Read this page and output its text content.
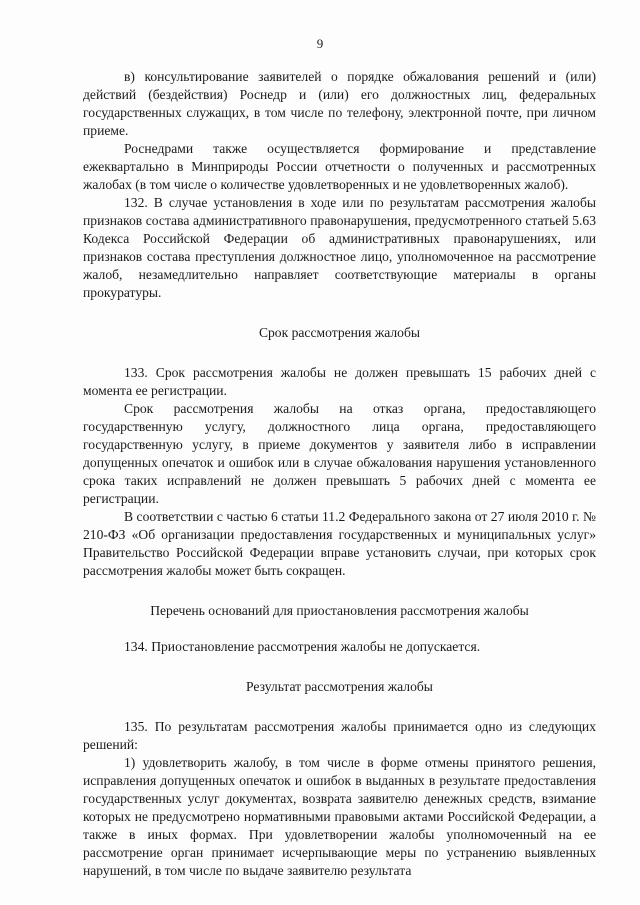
9

в) консультирование заявителей о порядке обжалования решений и (или) действий (бездействия) Роснедр и (или) его должностных лиц, федеральных государственных служащих, в том числе по телефону, электронной почте, при личном приеме.

Роснедрами также осуществляется формирование и представление ежеквартально в Минприроды России отчетности о полученных и рассмотренных жалобах (в том числе о количестве удовлетворенных и не удовлетворенных жалоб).

132. В случае установления в ходе или по результатам рассмотрения жалобы признаков состава административного правонарушения, предусмотренного статьей 5.63 Кодекса Российской Федерации об административных правонарушениях, или признаков состава преступления должностное лицо, уполномоченное на рассмотрение жалоб, незамедлительно направляет соответствующие материалы в органы прокуратуры.

Срок рассмотрения жалобы

133. Срок рассмотрения жалобы не должен превышать 15 рабочих дней с момента ее регистрации.

Срок рассмотрения жалобы на отказ органа, предоставляющего государственную услугу, должностного лица органа, предоставляющего государственную услугу, в приеме документов у заявителя либо в исправлении допущенных опечаток и ошибок или в случае обжалования нарушения установленного срока таких исправлений не должен превышать 5 рабочих дней с момента ее регистрации.

В соответствии с частью 6 статьи 11.2 Федерального закона от 27 июля 2010 г. № 210-ФЗ «Об организации предоставления государственных и муниципальных услуг» Правительство Российской Федерации вправе установить случаи, при которых срок рассмотрения жалобы может быть сокращен.

Перечень оснований для приостановления рассмотрения жалобы

134. Приостановление рассмотрения жалобы не допускается.

Результат рассмотрения жалобы

135. По результатам рассмотрения жалобы принимается одно из следующих решений:

1) удовлетворить жалобу, в том числе в форме отмены принятого решения, исправления допущенных опечаток и ошибок в выданных в результате предоставления государственных услуг документах, возврата заявителю денежных средств, взимание которых не предусмотрено нормативными правовыми актами Российской Федерации, а также в иных формах. При удовлетворении жалобы уполномоченный на ее рассмотрение орган принимает исчерпывающие меры по устранению выявленных нарушений, в том числе по выдаче заявителю результата
